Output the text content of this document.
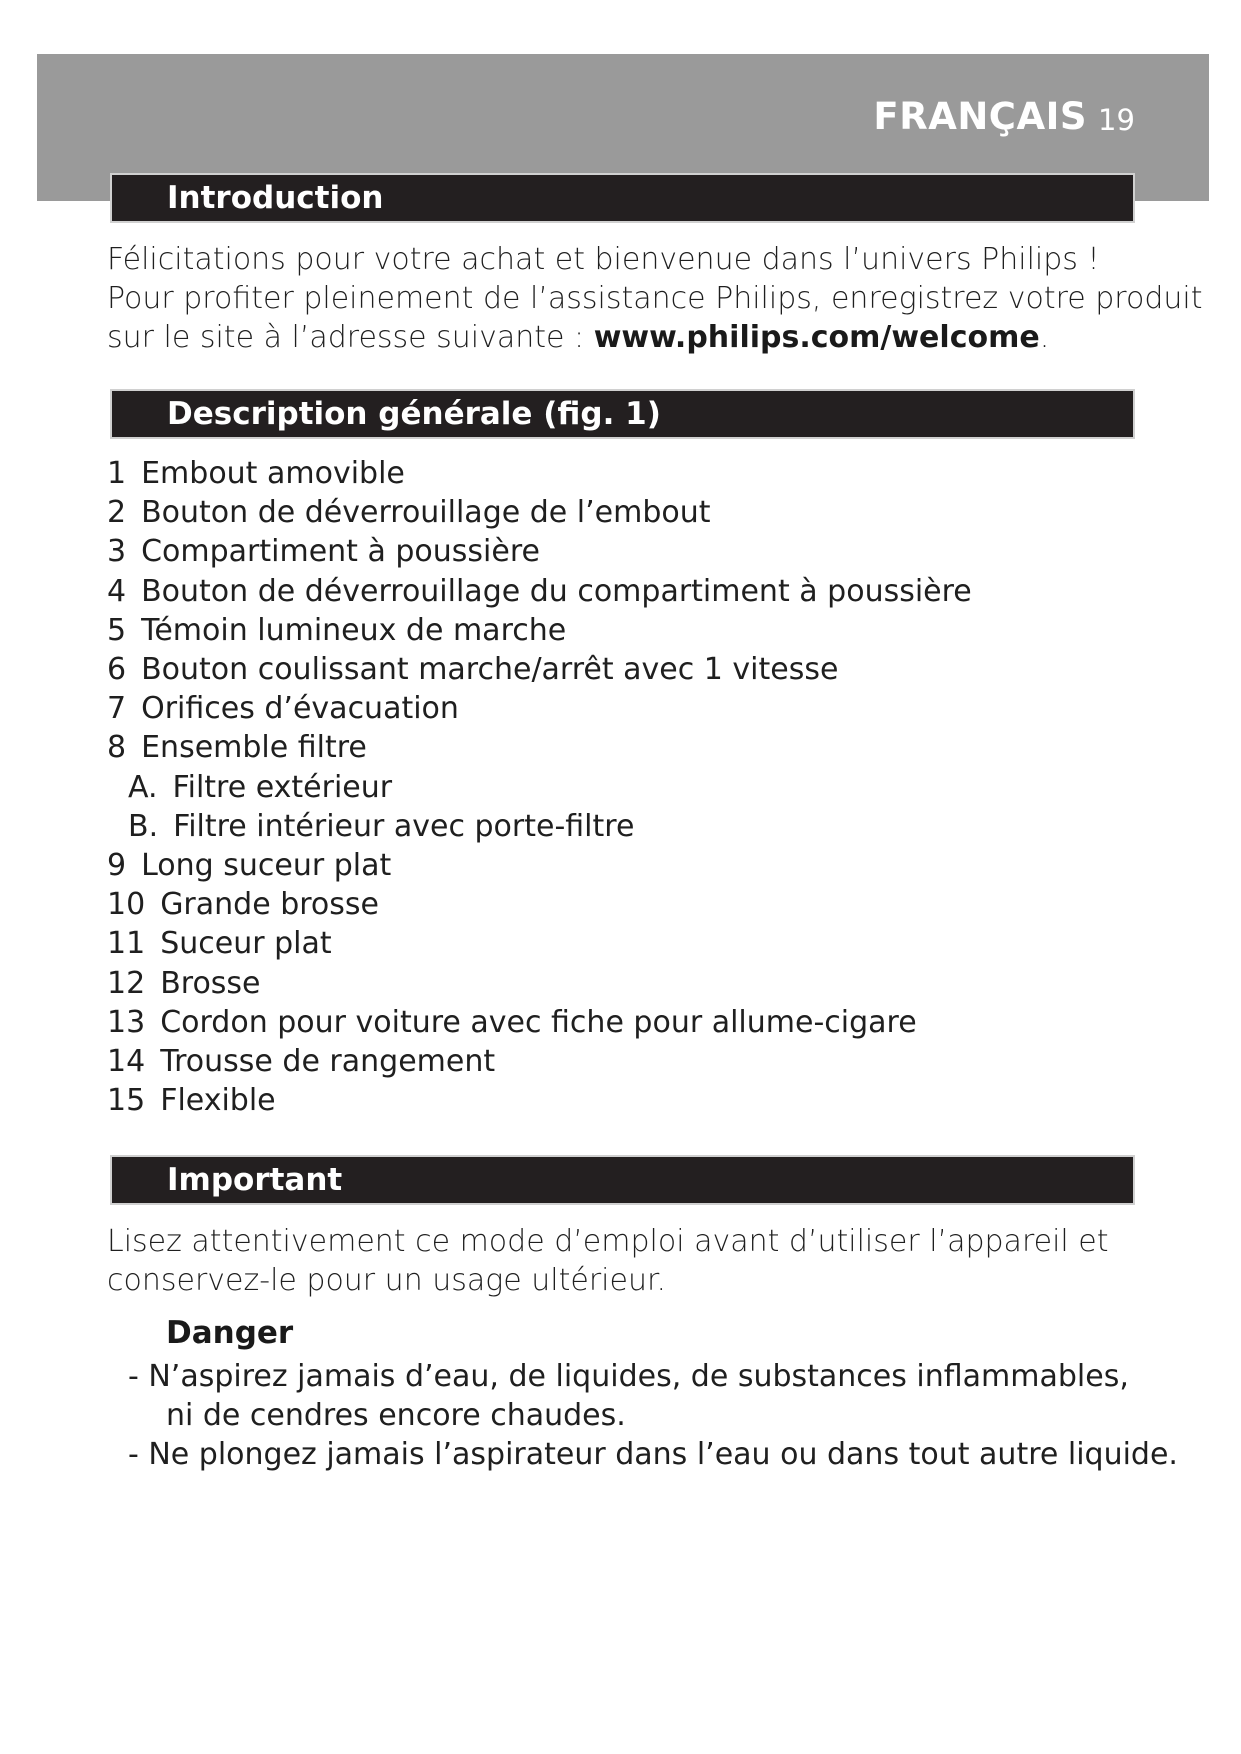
FRANÇAIS 19
Introduction
Félicitations pour votre achat et bienvenue dans l’univers Philips !
Pour profiter pleinement de l’assistance Philips, enregistrez votre produit
sur le site à l’adresse suivante : www.philips.com/welcome.
Description générale (fig. 1)
1 Embout amovible
2 Bouton de déverrouillage de l’embout
3 Compartiment à poussière
4 Bouton de déverrouillage du compartiment à poussière
5 Témoin lumineux de marche
6 Bouton coulissant marche/arrêt avec 1 vitesse
7 Orifices d’évacuation
8 Ensemble filtre
A. Filtre extérieur
B. Filtre intérieur avec porte-filtre
9 Long suceur plat
10 Grande brosse
11 Suceur plat
12 Brosse
13 Cordon pour voiture avec fiche pour allume-cigare
14 Trousse de rangement
15 Flexible
Important
Lisez attentivement ce mode d’emploi avant d’utiliser l’appareil et
conservez-le pour un usage ultérieur.
Danger
- N’aspirez jamais d’eau, de liquides, de substances inflammables,
ni de cendres encore chaudes.
- Ne plongez jamais l’aspirateur dans l’eau ou dans tout autre liquide.
